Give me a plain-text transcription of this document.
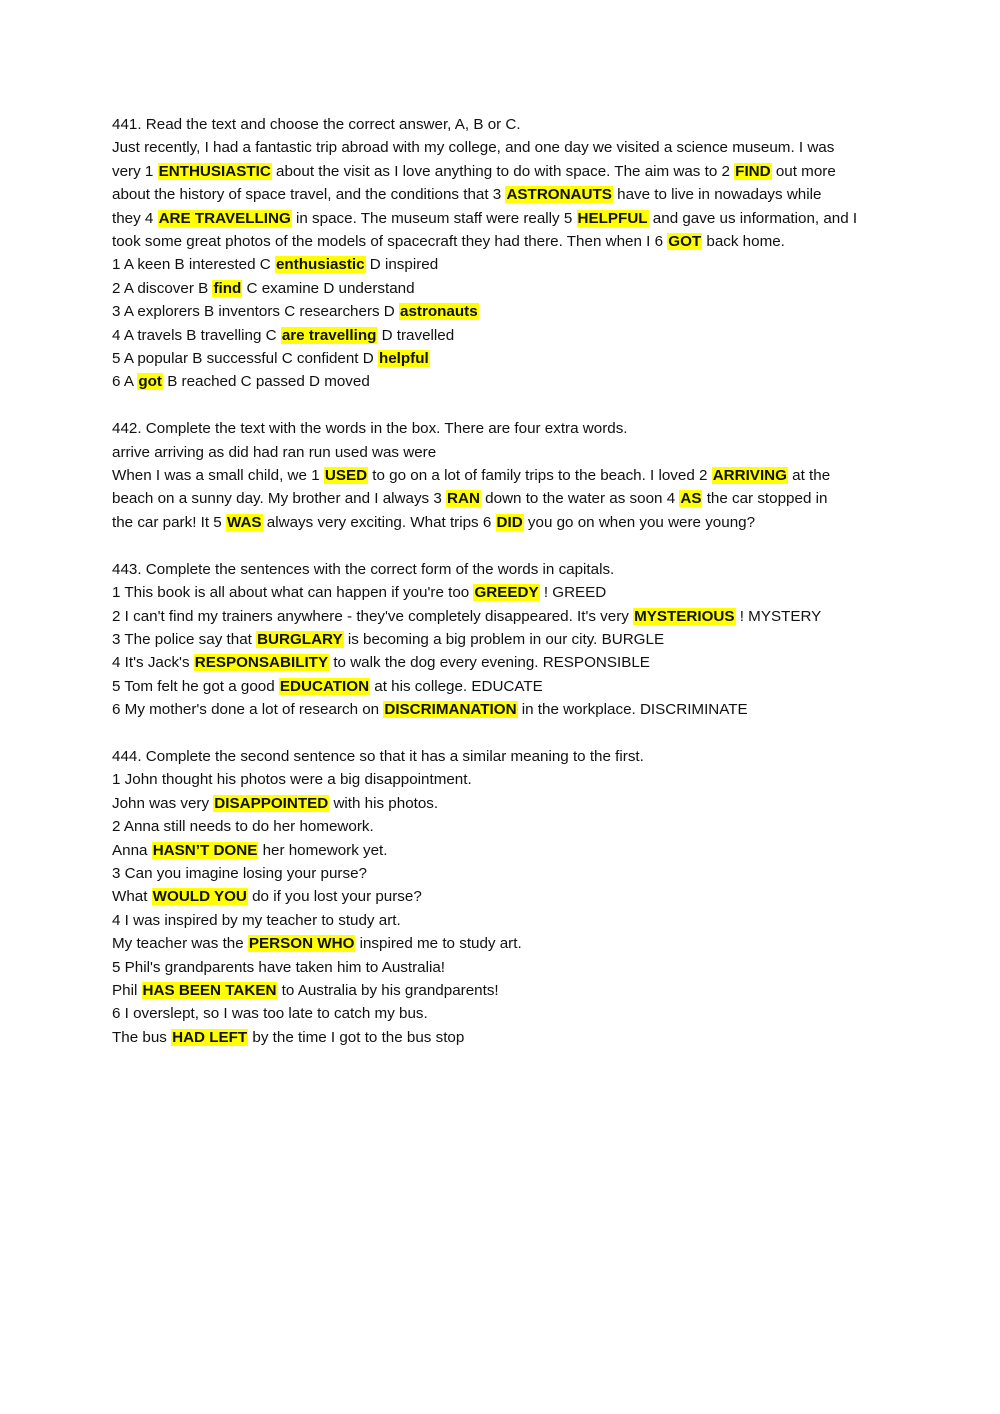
441. Read the text and choose the correct answer, A, B or C.
Just recently, I had a fantastic trip abroad with my college, and one day we visited a science museum. I was
very 1 ENTHUSIASTIC about the visit as I love anything to do with space. The aim was to 2 FIND out more
about the history of space travel, and the conditions that 3 ASTRONAUTS have to live in nowadays while
they 4 ARE TRAVELLING in space. The museum staff were really 5 HELPFUL and gave us information, and I
took some great photos of the models of spacecraft they had there. Then when I 6 GOT back home.
1 A keen B interested C enthusiastic D inspired
2 A discover B find C examine D understand
3 A explorers B inventors C researchers D astronauts
4 A travels B travelling C are travelling D travelled
5 A popular B successful C confident D helpful
6 A got B reached C passed D moved
442. Complete the text with the words in the box. There are four extra words.
arrive arriving as did had ran run used was were
When I was a small child, we 1 USED to go on a lot of family trips to the beach. I loved 2 ARRIVING at the
beach on a sunny day. My brother and I always 3 RAN down to the water as soon 4 AS the car stopped in
the car park! It 5 WAS always very exciting. What trips 6 DID you go on when you were young?
443. Complete the sentences with the correct form of the words in capitals.
1 This book is all about what can happen if you're too GREEDY ! GREED
2 I can't find my trainers anywhere - they've completely disappeared. It's very MYSTERIOUS ! MYSTERY
3 The police say that BURGLARY is becoming a big problem in our city. BURGLE
4 It's Jack's RESPONSABILITY to walk the dog every evening. RESPONSIBLE
5 Tom felt he got a good EDUCATION at his college. EDUCATE
6 My mother's done a lot of research on DISCRIMANATION in the workplace. DISCRIMINATE
444. Complete the second sentence so that it has a similar meaning to the first.
1 John thought his photos were a big disappointment.
John was very DISAPPOINTED with his photos.
2 Anna still needs to do her homework.
Anna HASN’T DONE her homework yet.
3 Can you imagine losing your purse?
What WOULD YOU do if you lost your purse?
4 I was inspired by my teacher to study art.
My teacher was the PERSON WHO inspired me to study art.
5 Phil's grandparents have taken him to Australia!
Phil HAS BEEN TAKEN to Australia by his grandparents!
6 I overslept, so I was too late to catch my bus.
The bus HAD LEFT by the time I got to the bus stop
